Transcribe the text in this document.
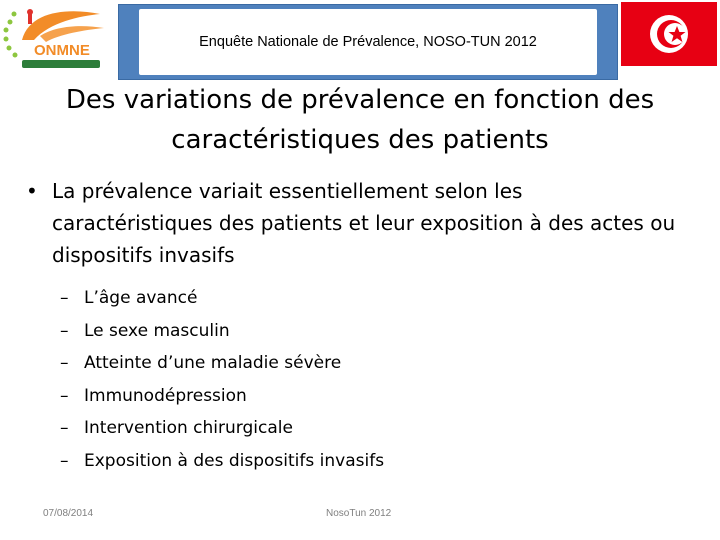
ONMNE	Enquête Nationale de Prévalence, NOSO-TUN 2012
Des variations de prévalence en fonction des
caractéristiques des patients
• La prévalence variait essentiellement selon les caractéristiques des patients et leur exposition à des actes ou dispositifs invasifs
– L’âge avancé
– Le sexe masculin
– Atteinte d’une maladie sévère
– Immunodépression
– Intervention chirurgicale
– Exposition à des dispositifs invasifs
07/08/2014	NosoTun 2012
